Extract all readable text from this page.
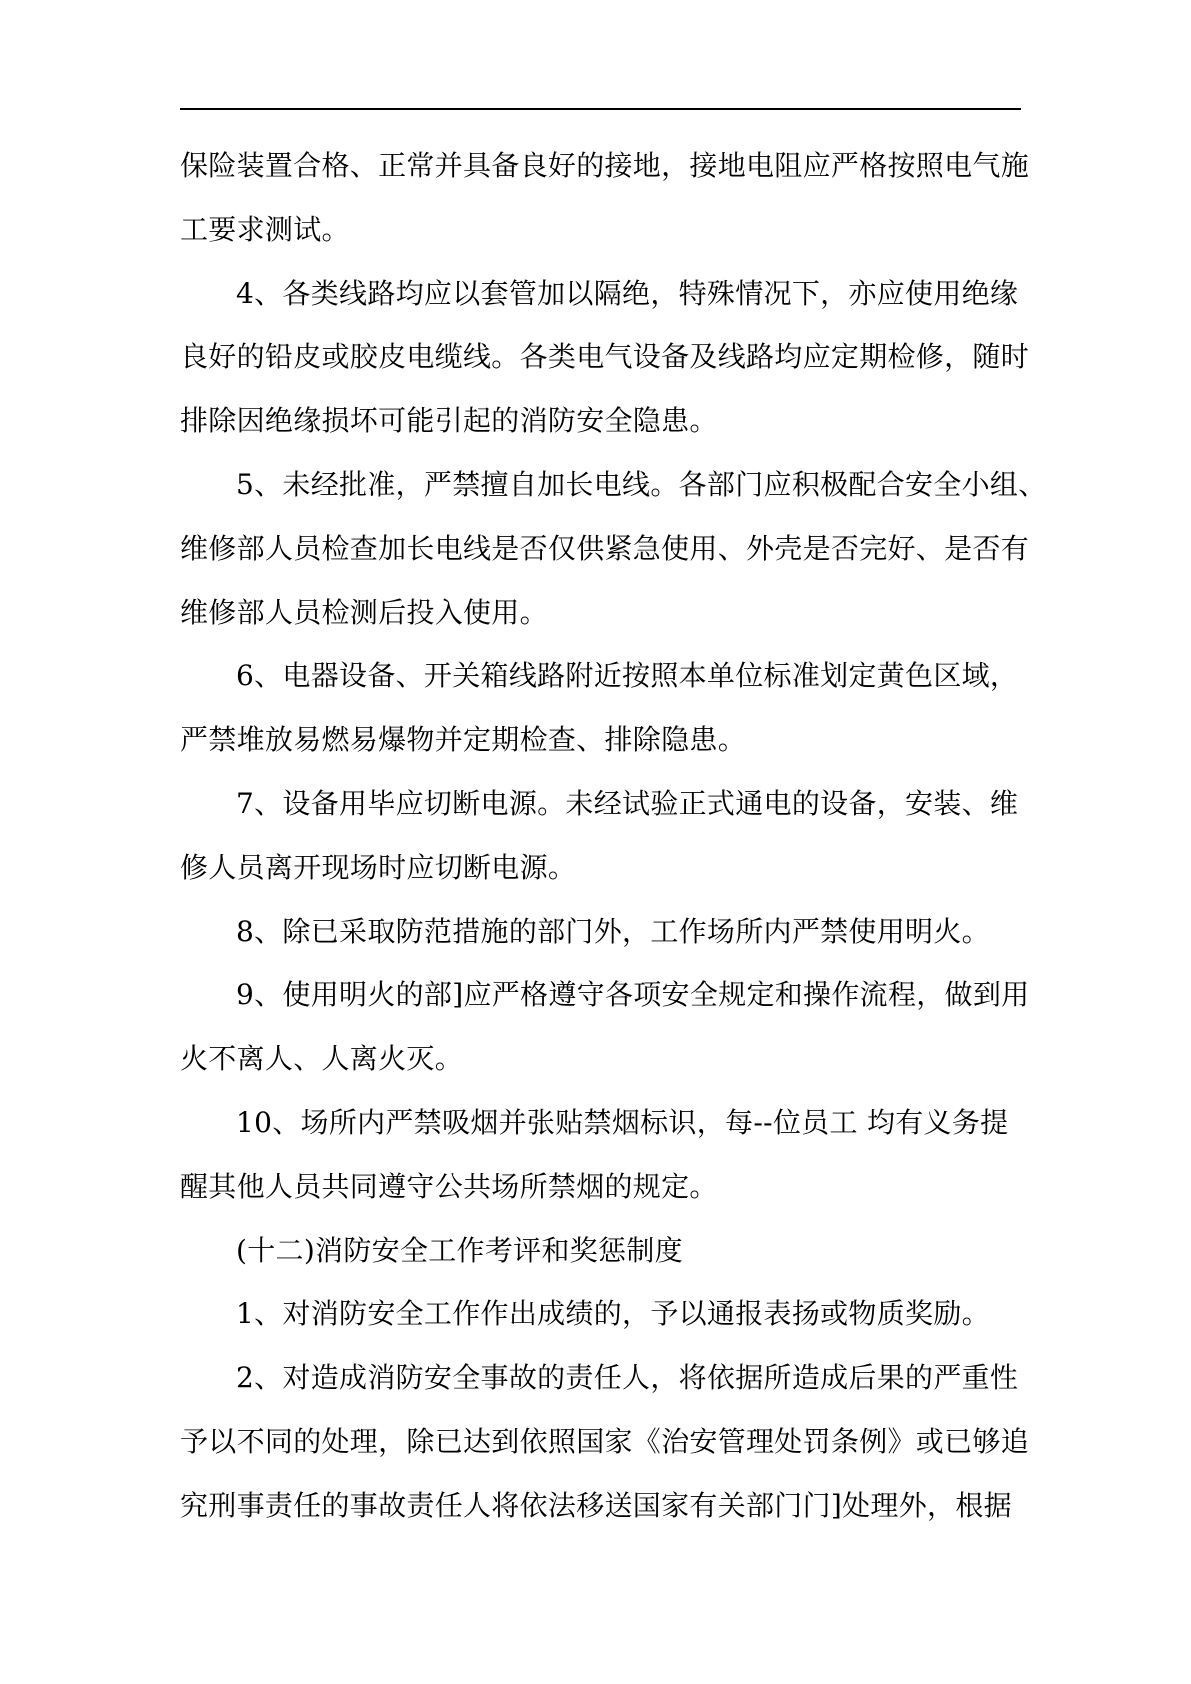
保险装置合格、正常并具备良好的接地，接地电阻应严格按照电气施

工要求测试。

4、各类线路均应以套管加以隔绝，特殊情况下，亦应使用绝缘

良好的铅皮或胶皮电缆线。各类电气设备及线路均应定期检修，随时

排除因绝缘损坏可能引起的消防安全隐患。

5、未经批准，严禁擅自加长电线。各部门应积极配合安全小组、

维修部人员检查加长电线是否仅供紧急使用、外壳是否完好、是否有

维修部人员检测后投入使用。

6、电器设备、开关箱线路附近按照本单位标准划定黄色区域，

严禁堆放易燃易爆物并定期检查、排除隐患。

7、设备用毕应切断电源。未经试验正式通电的设备，安装、维

修人员离开现场时应切断电源。

8、除已采取防范措施的部门外，工作场所内严禁使用明火。

9、使用明火的部]应严格遵守各项安全规定和操作流程，做到用

火不离人、人离火灭。

10、场所内严禁吸烟并张贴禁烟标识，每--位员工 均有义务提

醒其他人员共同遵守公共场所禁烟的规定。

(十二)消防安全工作考评和奖惩制度

1、对消防安全工作作出成绩的，予以通报表扬或物质奖励。

2、对造成消防安全事故的责任人，将依据所造成后果的严重性

予以不同的处理，除已达到依照国家《治安管理处罚条例》或已够追

究刑事责任的事故责任人将依法移送国家有关部门门]处理外，根据
